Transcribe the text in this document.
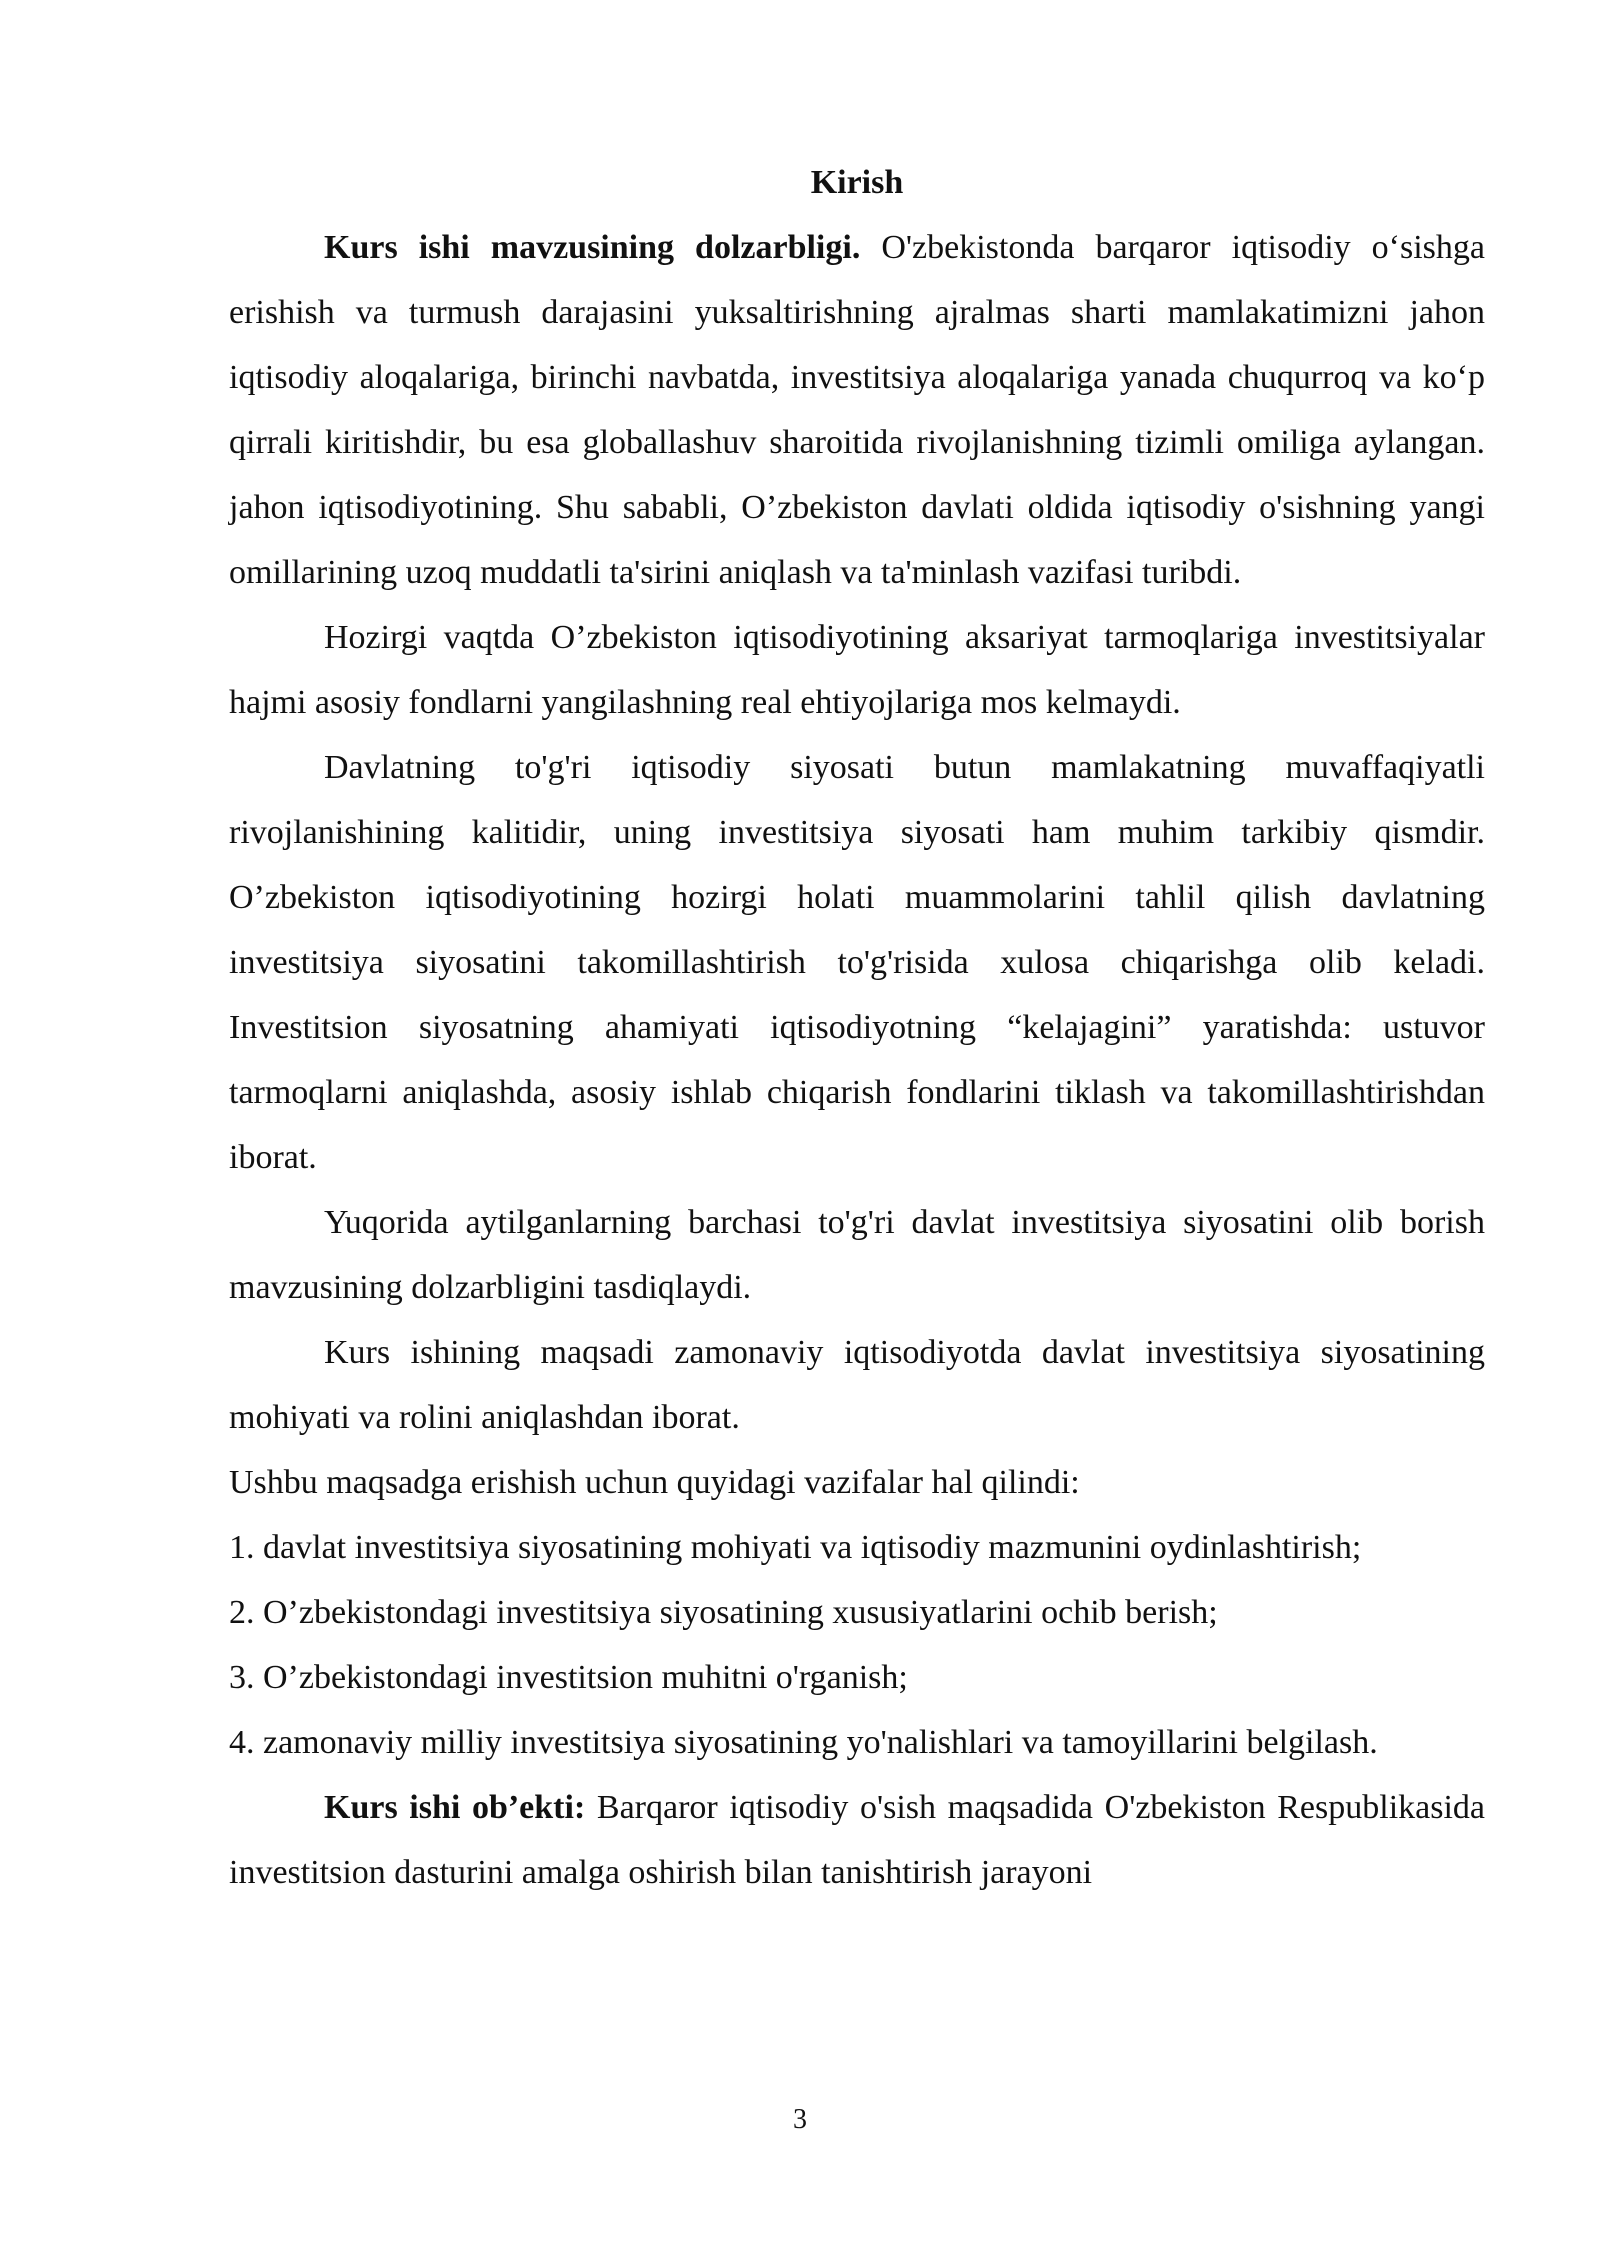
Kirish

Kurs ishi mavzusining dolzarbligi. O'zbekistonda barqaror iqtisodiy oʻsishga erishish va turmush darajasini yuksaltirishning ajralmas sharti mamlakatimizni jahon iqtisodiy aloqalariga, birinchi navbatda, investitsiya aloqalariga yanada chuqurroq va koʻp qirrali kiritishdir, bu esa globallashuv sharoitida rivojlanishning tizimli omiliga aylangan. jahon iqtisodiyotining. Shu sababli, O’zbekiston davlati oldida iqtisodiy o'sishning yangi omillarining uzoq muddatli ta'sirini aniqlash va ta'minlash vazifasi turibdi.

Hozirgi vaqtda O’zbekiston iqtisodiyotining aksariyat tarmoqlariga investitsiyalar hajmi asosiy fondlarni yangilashning real ehtiyojlariga mos kelmaydi.

Davlatning to'g'ri iqtisodiy siyosati butun mamlakatning muvaffaqiyatli rivojlanishining kalitidir, uning investitsiya siyosati ham muhim tarkibiy qismdir. O’zbekiston iqtisodiyotining hozirgi holati muammolarini tahlil qilish davlatning investitsiya siyosatini takomillashtirish to'g'risida xulosa chiqarishga olib keladi. Investitsion siyosatning ahamiyati iqtisodiyotning “kelajagini” yaratishda: ustuvor tarmoqlarni aniqlashda, asosiy ishlab chiqarish fondlarini tiklash va takomillashtirishdan iborat.

Yuqorida aytilganlarning barchasi to'g'ri davlat investitsiya siyosatini olib borish mavzusining dolzarbligini tasdiqlaydi.

Kurs ishining maqsadi zamonaviy iqtisodiyotda davlat investitsiya siyosatining mohiyati va rolini aniqlashdan iborat.

Ushbu maqsadga erishish uchun quyidagi vazifalar hal qilindi:

1. davlat investitsiya siyosatining mohiyati va iqtisodiy mazmunini oydinlashtirish;

2. O’zbekistondagi investitsiya siyosatining xususiyatlarini ochib berish;

3. O’zbekistondagi investitsion muhitni o'rganish;

4. zamonaviy milliy investitsiya siyosatining yo'nalishlari va tamoyillarini belgilash.

Kurs ishi ob’ekti: Barqaror iqtisodiy o'sish maqsadida O'zbekiston Respublikasida investitsion dasturini amalga oshirish bilan tanishtirish jarayoni

3
